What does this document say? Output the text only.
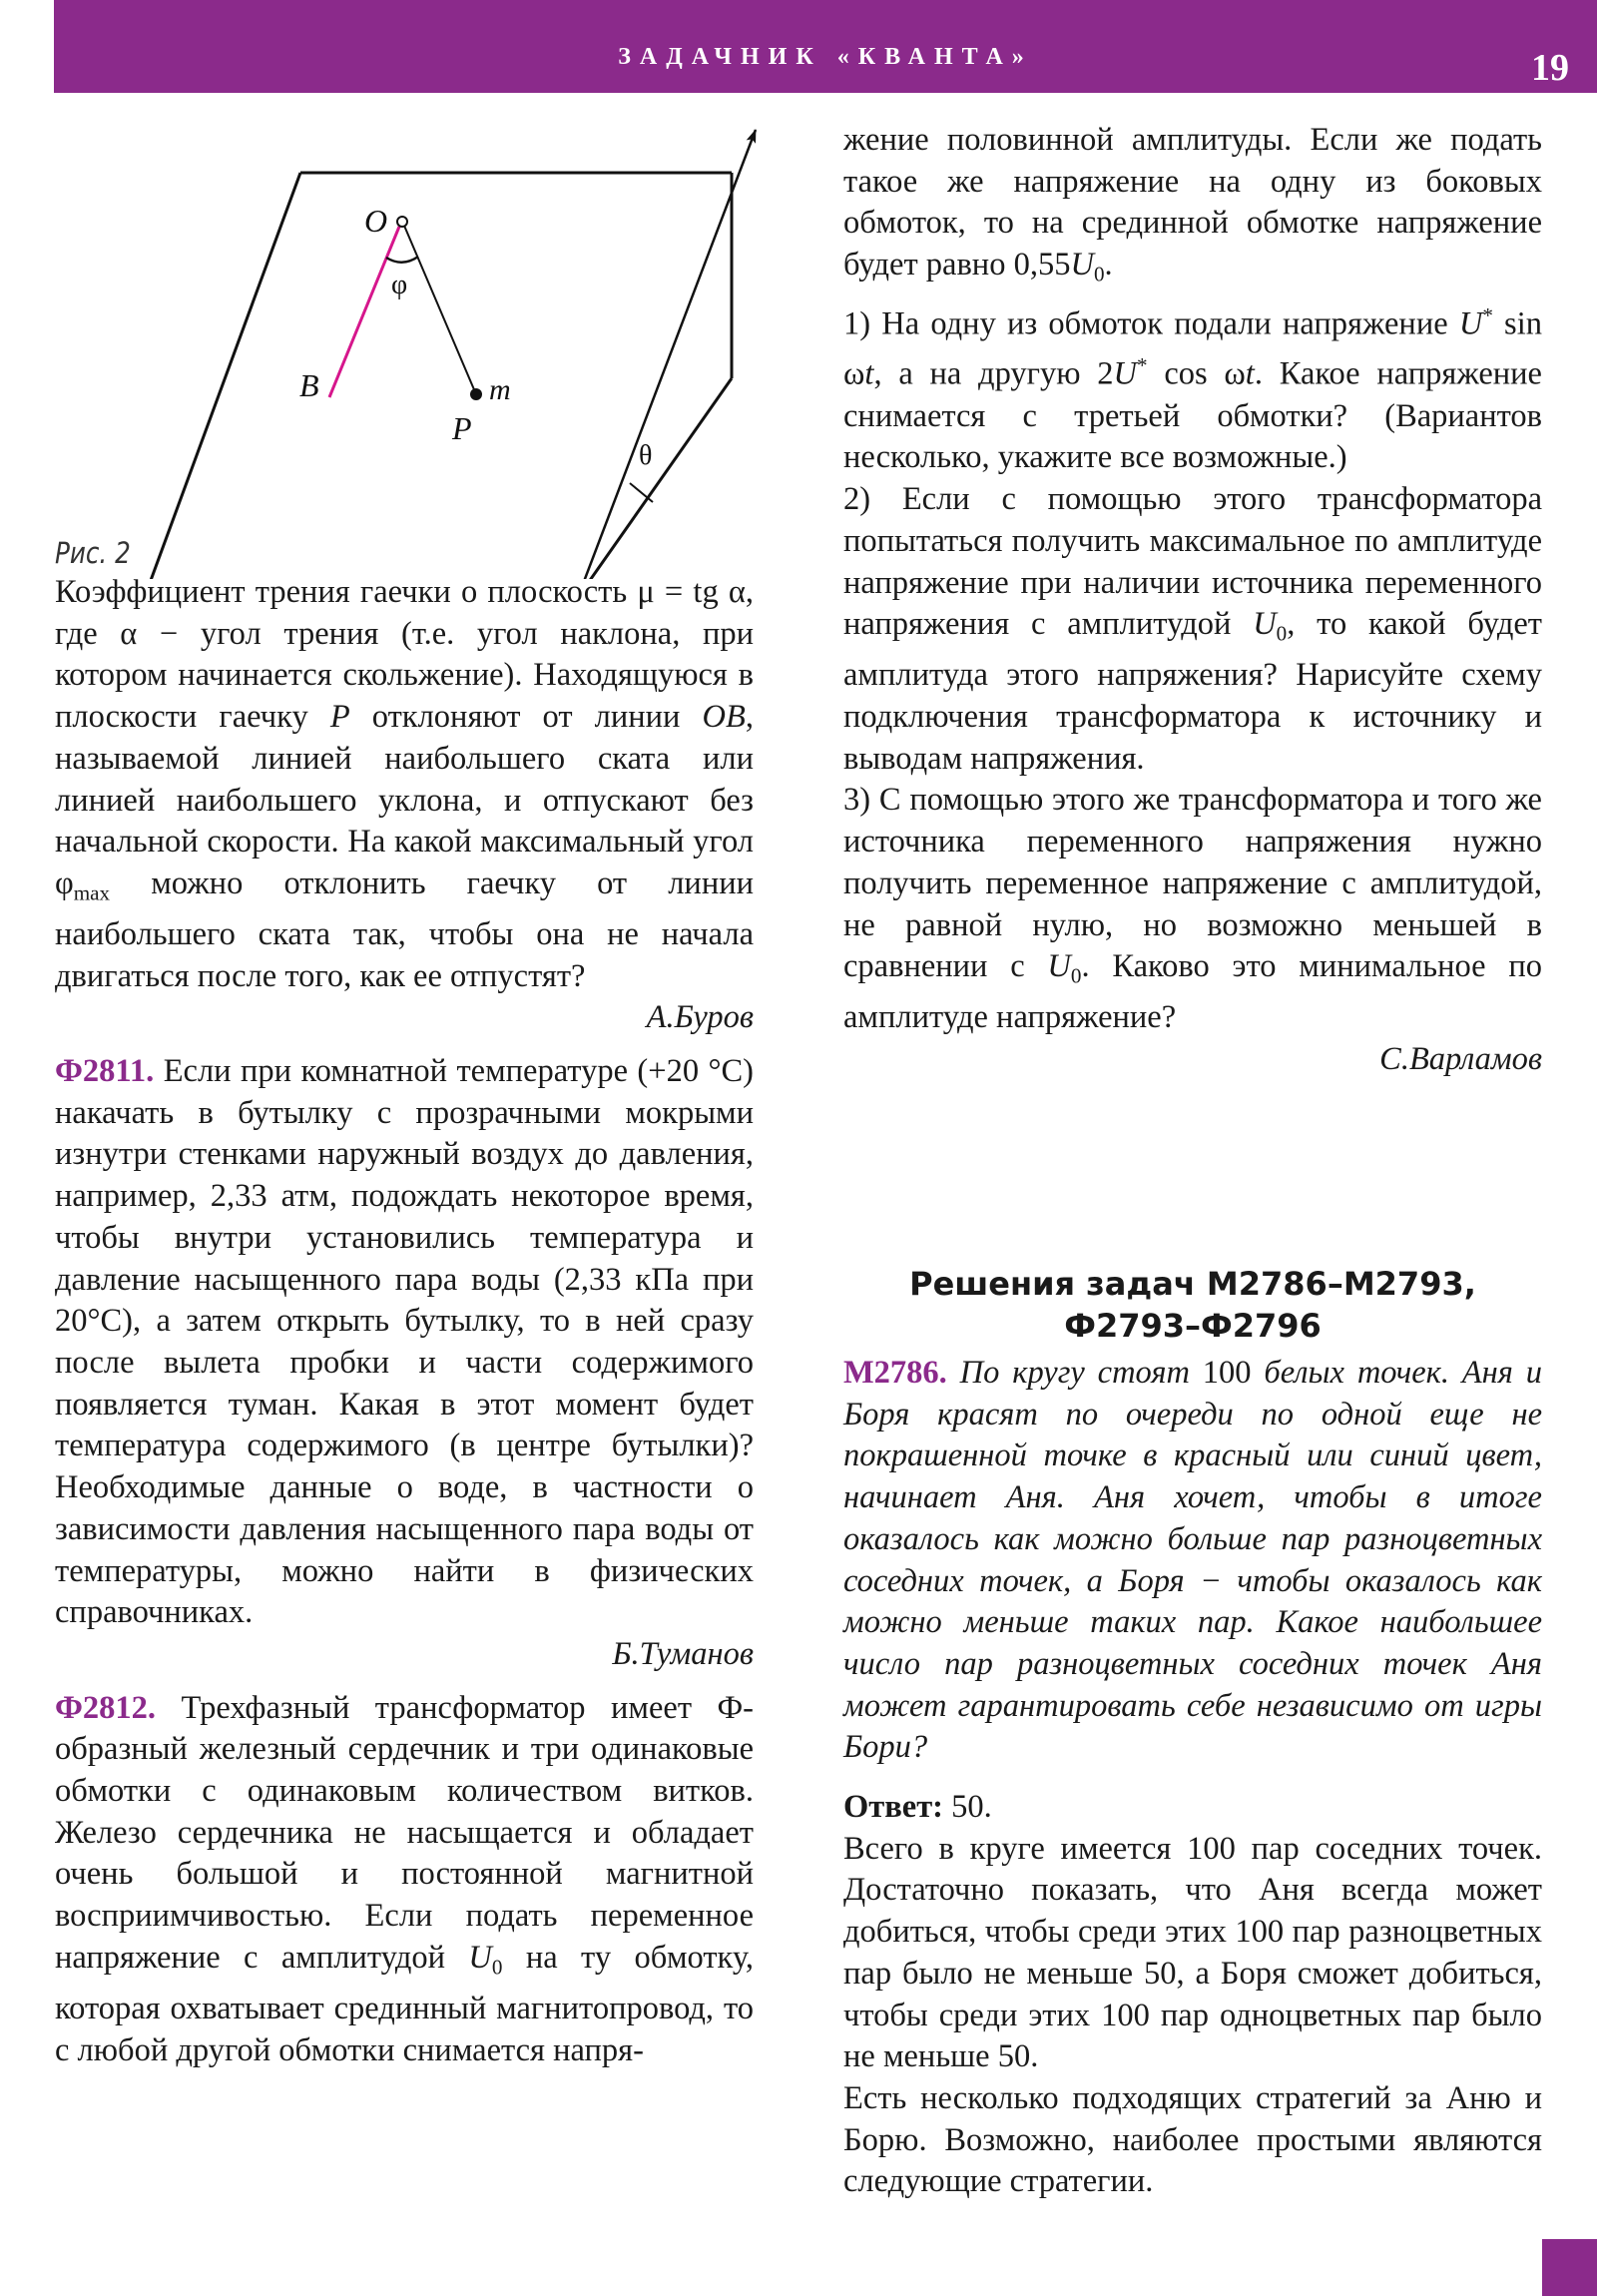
ЗАДАЧНИК «КВАНТА»	19
O
φ
B	m
P
θ
Рис. 2

Коэффициент трения гаечки о плоскость μ = tg α, где α − угол трения (т.е. угол наклона, при котором начинается скольжение). Находящуюся в плоскости гаечку P отклоняют от линии OB, называемой линией наибольшего ската или линией наибольшего уклона, и отпускают без начальной скорости. На какой максимальный угол $\varphi_{max}$ можно отклонить гаечку от линии наибольшего ската так, чтобы она не начала двигаться после того, как ее отпустят?

А.Буров

Ф2811. Если при комнатной температуре (+20 °С) накачать в бутылку с прозрачными мокрыми изнутри стенками наружный воздух до давления, например, 2,33 атм, подождать некоторое время, чтобы внутри установились температура и давление насыщенного пара воды (2,33 кПа при 20°С), а затем открыть бутылку, то в ней сразу после вылета пробки и части содержимого появляется туман. Какая в этот момент будет температура содержимого (в центре бутылки)? Необходимые данные о воде, в частности о зависимости давления насыщенного пара воды от температуры, можно найти в физических справочниках.

Б.Туманов

Ф2812. Трехфазный трансформатор имеет Ф-образный железный сердечник и три одинаковые обмотки с одинаковым количеством витков. Железо сердечника не насыщается и обладает очень большой и постоянной магнитной восприимчивостью. Если подать переменное напряжение с амплитудой $U_0$ на ту обмотку, которая охватывает срединный магнитопровод, то с любой другой обмотки снимается напря-

жение половинной амплитуды. Если же подать такое же напряжение на одну из боковых обмоток, то на срединной обмотке напряжение будет равно $0,55U_0$.

1) На одну из обмоток подали напряжение U* sin ωt, а на другую 2U* cos ωt. Какое напряжение снимается с третьей обмотки? (Вариантов несколько, укажите все возможные.)

2) Если с помощью этого трансформатора попытаться получить максимальное по амплитуде напряжение при наличии источника переменного напряжения с амплитудой $U_0$, то какой будет амплитуда этого напряжения? Нарисуйте схему подключения трансформатора к источнику и выводам напряжения.

3) С помощью этого же трансформатора и того же источника переменного напряжения нужно получить переменное напряжение с амплитудой, не равной нулю, но возможно меньшей в сравнении с $U_0$. Каково это минимальное по амплитуде напряжение?

С.Варламов

Решения задач М2786–М2793,
Ф2793–Ф2796

М2786. По кругу стоят 100 белых точек. Аня и Боря красят по очереди по одной еще не покрашенной точке в красный или синий цвет, начинает Аня. Аня хочет, чтобы в итоге оказалось как можно больше пар разноцветных соседних точек, а Боря − чтобы оказалось как можно меньше таких пар. Какое наибольшее число пар разноцветных соседних точек Аня может гарантировать себе независимо от игры Бори?

Ответ: 50.

Всего в круге имеется 100 пар соседних точек. Достаточно показать, что Аня всегда может добиться, чтобы среди этих 100 пар разноцветных пар было не меньше 50, а Боря сможет добиться, чтобы среди этих 100 пар одноцветных пар было не меньше 50.

Есть несколько подходящих стратегий за Аню и Борю. Возможно, наиболее простыми являются следующие стратегии.
